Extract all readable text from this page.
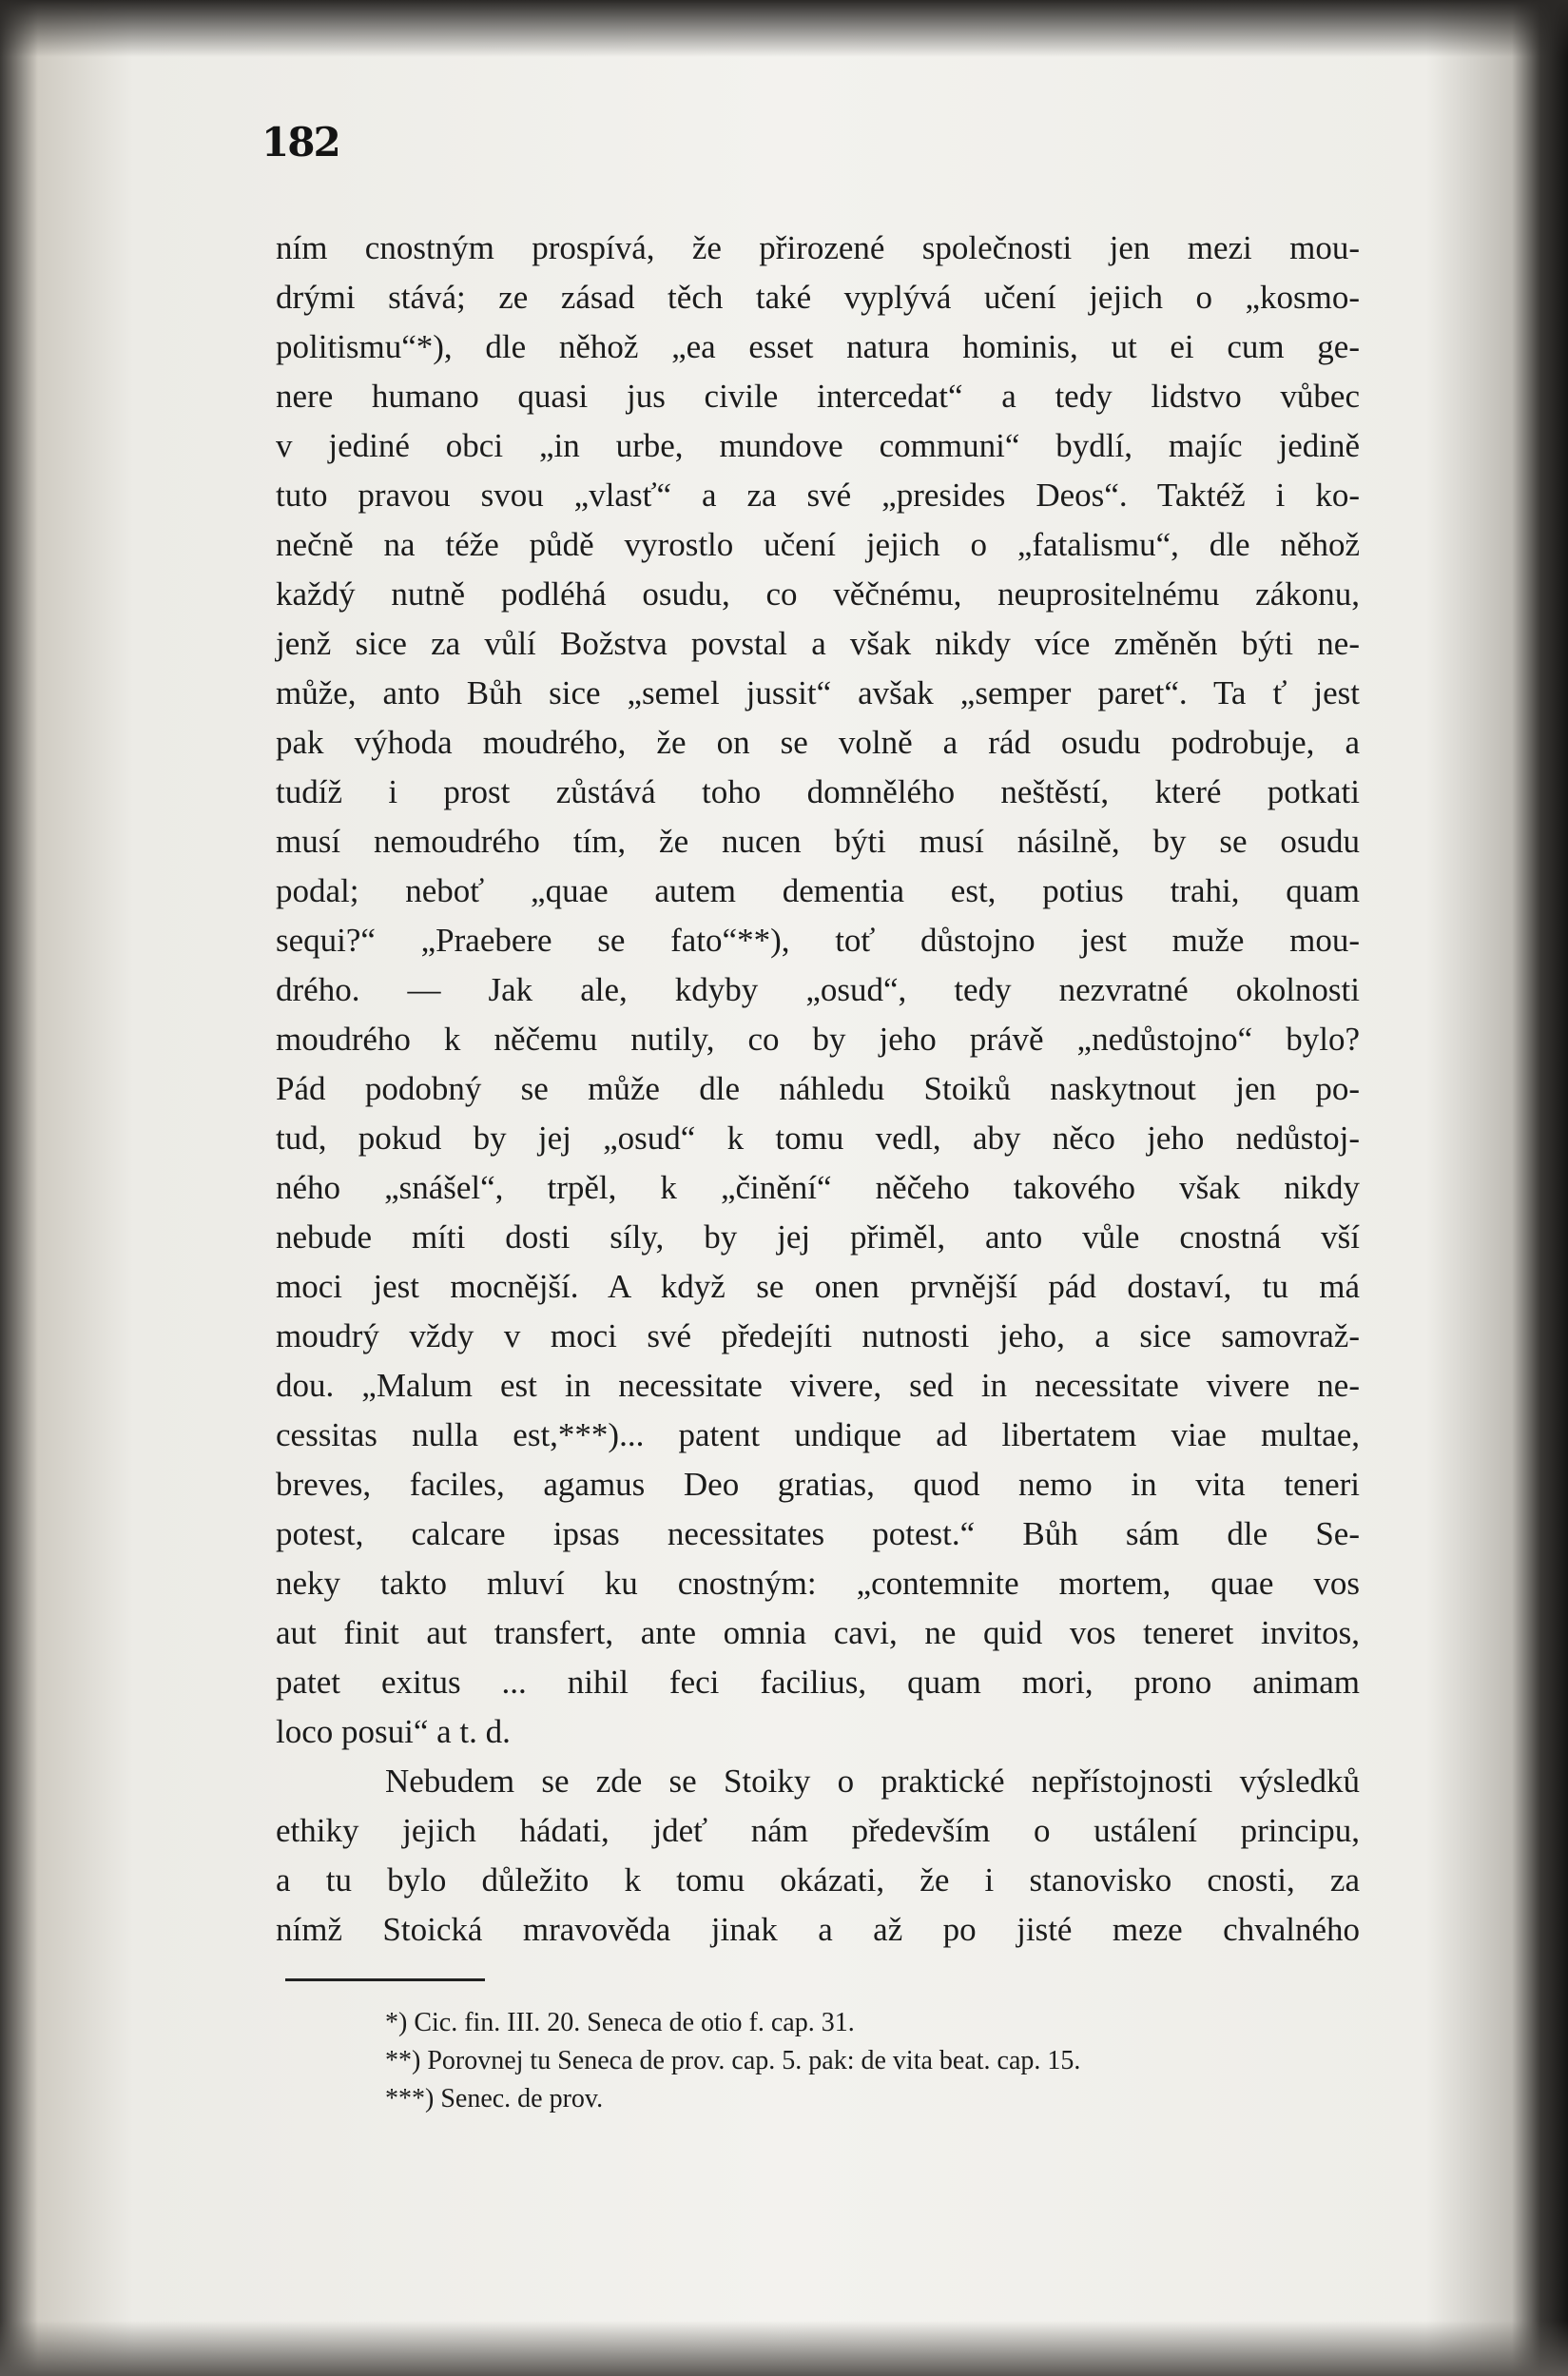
182
ním cnostným prospívá, že přirozené společnosti jen mezi mou-
drými stává; ze zásad těch také vyplývá učení jejich o „kosmo-
politismu“*), dle něhož „ea esset natura hominis, ut ei cum ge-
nere humano quasi jus civile intercedat“ a tedy lidstvo vůbec
v jediné obci „in urbe, mundove communi“ bydlí, majíc jedině
tuto pravou svou „vlasť“ a za své „presides Deos“. Taktéž i ko-
nečně na téže půdě vyrostlo učení jejich o „fatalismu“, dle něhož
každý nutně podléhá osudu, co věčnému, neuprositelnému zákonu,
jenž sice za vůlí Božstva povstal a však nikdy více změněn býti ne-
může, anto Bůh sice „semel jussit“ avšak „semper paret“. Ta ť jest
pak výhoda moudrého, že on se volně a rád osudu podrobuje, a
tudíž i prost zůstává toho domnělého neštěstí, které potkati
musí nemoudrého tím, že nucen býti musí násilně, by se osudu
podal; neboť „quae autem dementia est, potius trahi, quam
sequi?“ „Praebere se fato“**), toť důstojno jest muže mou-
drého. — Jak ale, kdyby „osud“, tedy nezvratné okolnosti
moudrého k něčemu nutily, co by jeho právě „nedůstojno“ bylo?
Pád podobný se může dle náhledu Stoiků naskytnout jen po-
tud, pokud by jej „osud“ k tomu vedl, aby něco jeho nedůstoj-
ného „snášel“, trpěl, k „činění“ něčeho takového však nikdy
nebude míti dosti síly, by jej přiměl, anto vůle cnostná vší
moci jest mocnější. A když se onen prvnější pád dostaví, tu má
moudrý vždy v moci své předejíti nutnosti jeho, a sice samovraž-
dou. „Malum est in necessitate vivere, sed in necessitate vivere ne-
cessitas nulla est,***)... patent undique ad libertatem viae multae,
breves, faciles, agamus Deo gratias, quod nemo in vita teneri
potest, calcare ipsas necessitates potest.“ Bůh sám dle Se-
neky takto mluví ku cnostným: „contemnite mortem, quae vos
aut finit aut transfert, ante omnia cavi, ne quid vos teneret invitos,
patet exitus ... nihil feci facilius, quam mori, prono animam
loco posui“ a t. d.
Nebudem se zde se Stoiky o praktické nepřístojnosti výsledků
ethiky jejich hádati, jdeť nám především o ustálení principu,
a tu bylo důležito k tomu okázati, že i stanovisko cnosti, za
nímž Stoická mravověda jinak a až po jisté meze chvalného
*) Cic. fin. III. 20. Seneca de otio f. cap. 31.
**) Porovnej tu Seneca de prov. cap. 5. pak: de vita beat. cap. 15.
***) Senec. de prov.
